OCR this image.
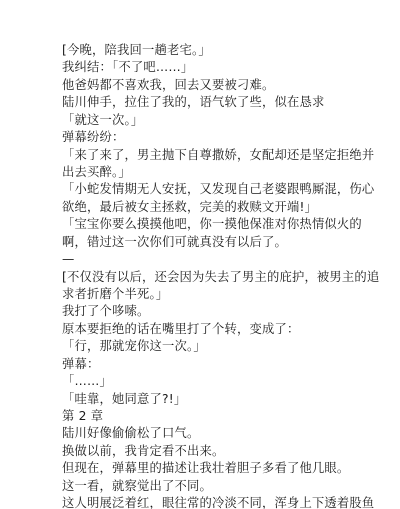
[今晚，陪我回一趟老宅。」
我纠结：「不了吧……」
他爸妈都不喜欢我，回去又要被刁难。
陆川伸手，拉住了我的，语气软了些，似在恳求
「就这一次。」
弹幕纷纷：
「来了来了，男主抛下自尊撒娇，女配却还是坚定拒绝并
出去买醉。」
「小蛇发情期无人安抚，又发现自己老婆跟鸭厮混，伤心
欲绝，最后被女主拯救，完美的救赎文开端!」
「宝宝你要么摸摸他吧，你一摸他保准对你热情似火的
啊，错过这一次你们可就真没有以后了。
—
[不仅没有以后，还会因为失去了男主的庇护，被男主的追
求者折磨个半死。」
我打了个哆嗦。
原本要拒绝的话在嘴里打了个转，变成了：
「行，那就宠你这一次。」
弹幕：
「……」
「哇靠，她同意了?!」
第 2 章
陆川好像偷偷松了口气。
换做以前，我肯定看不出来。
但现在，弹幕里的描述让我壮着胆子多看了他几眼。
这一看，就察觉出了不同。
这人明展泛着红，眼往常的冷淡不同，浑身上下透着股鱼
